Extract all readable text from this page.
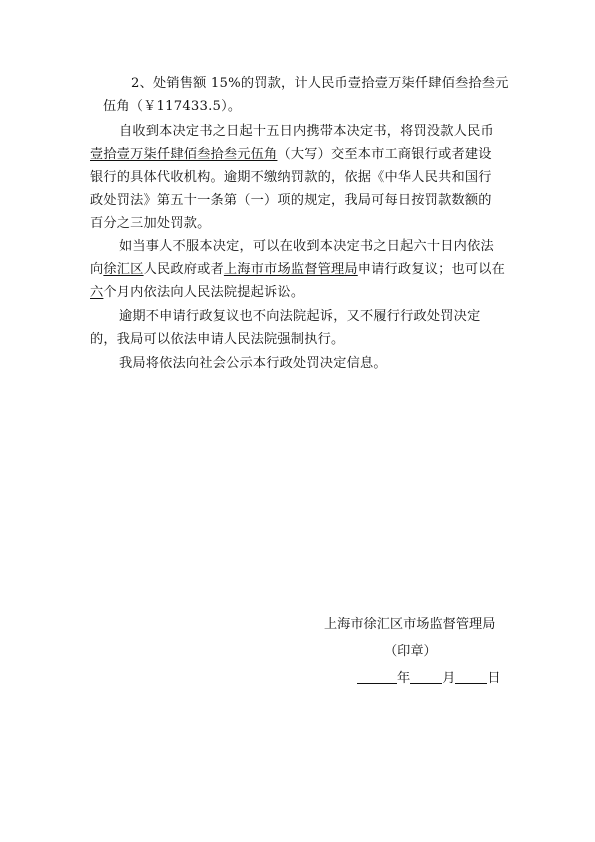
2、处销售额 15%的罚款，计人民币壹拾壹万柒仟肆佰叁拾叁元
伍角（￥117433.5）。
自收到本决定书之日起十五日内携带本决定书，将罚没款人民币
壹拾壹万柒仟肆佰叁拾叁元伍角（大写）交至本市工商银行或者建设
银行的具体代收机构。逾期不缴纳罚款的，依据《中华人民共和国行
政处罚法》第五十一条第（一）项的规定，我局可每日按罚款数额的
百分之三加处罚款。
如当事人不服本决定，可以在收到本决定书之日起六十日内依法
向徐汇区人民政府或者上海市市场监督管理局申请行政复议；也可以在
六个月内依法向人民法院提起诉讼。
逾期不申请行政复议也不向法院起诉，又不履行行政处罚决定
的，我局可以依法申请人民法院强制执行。
我局将依法向社会公示本行政处罚决定信息。
上海市徐汇区市场监督管理局
（印章）
年 月 日
